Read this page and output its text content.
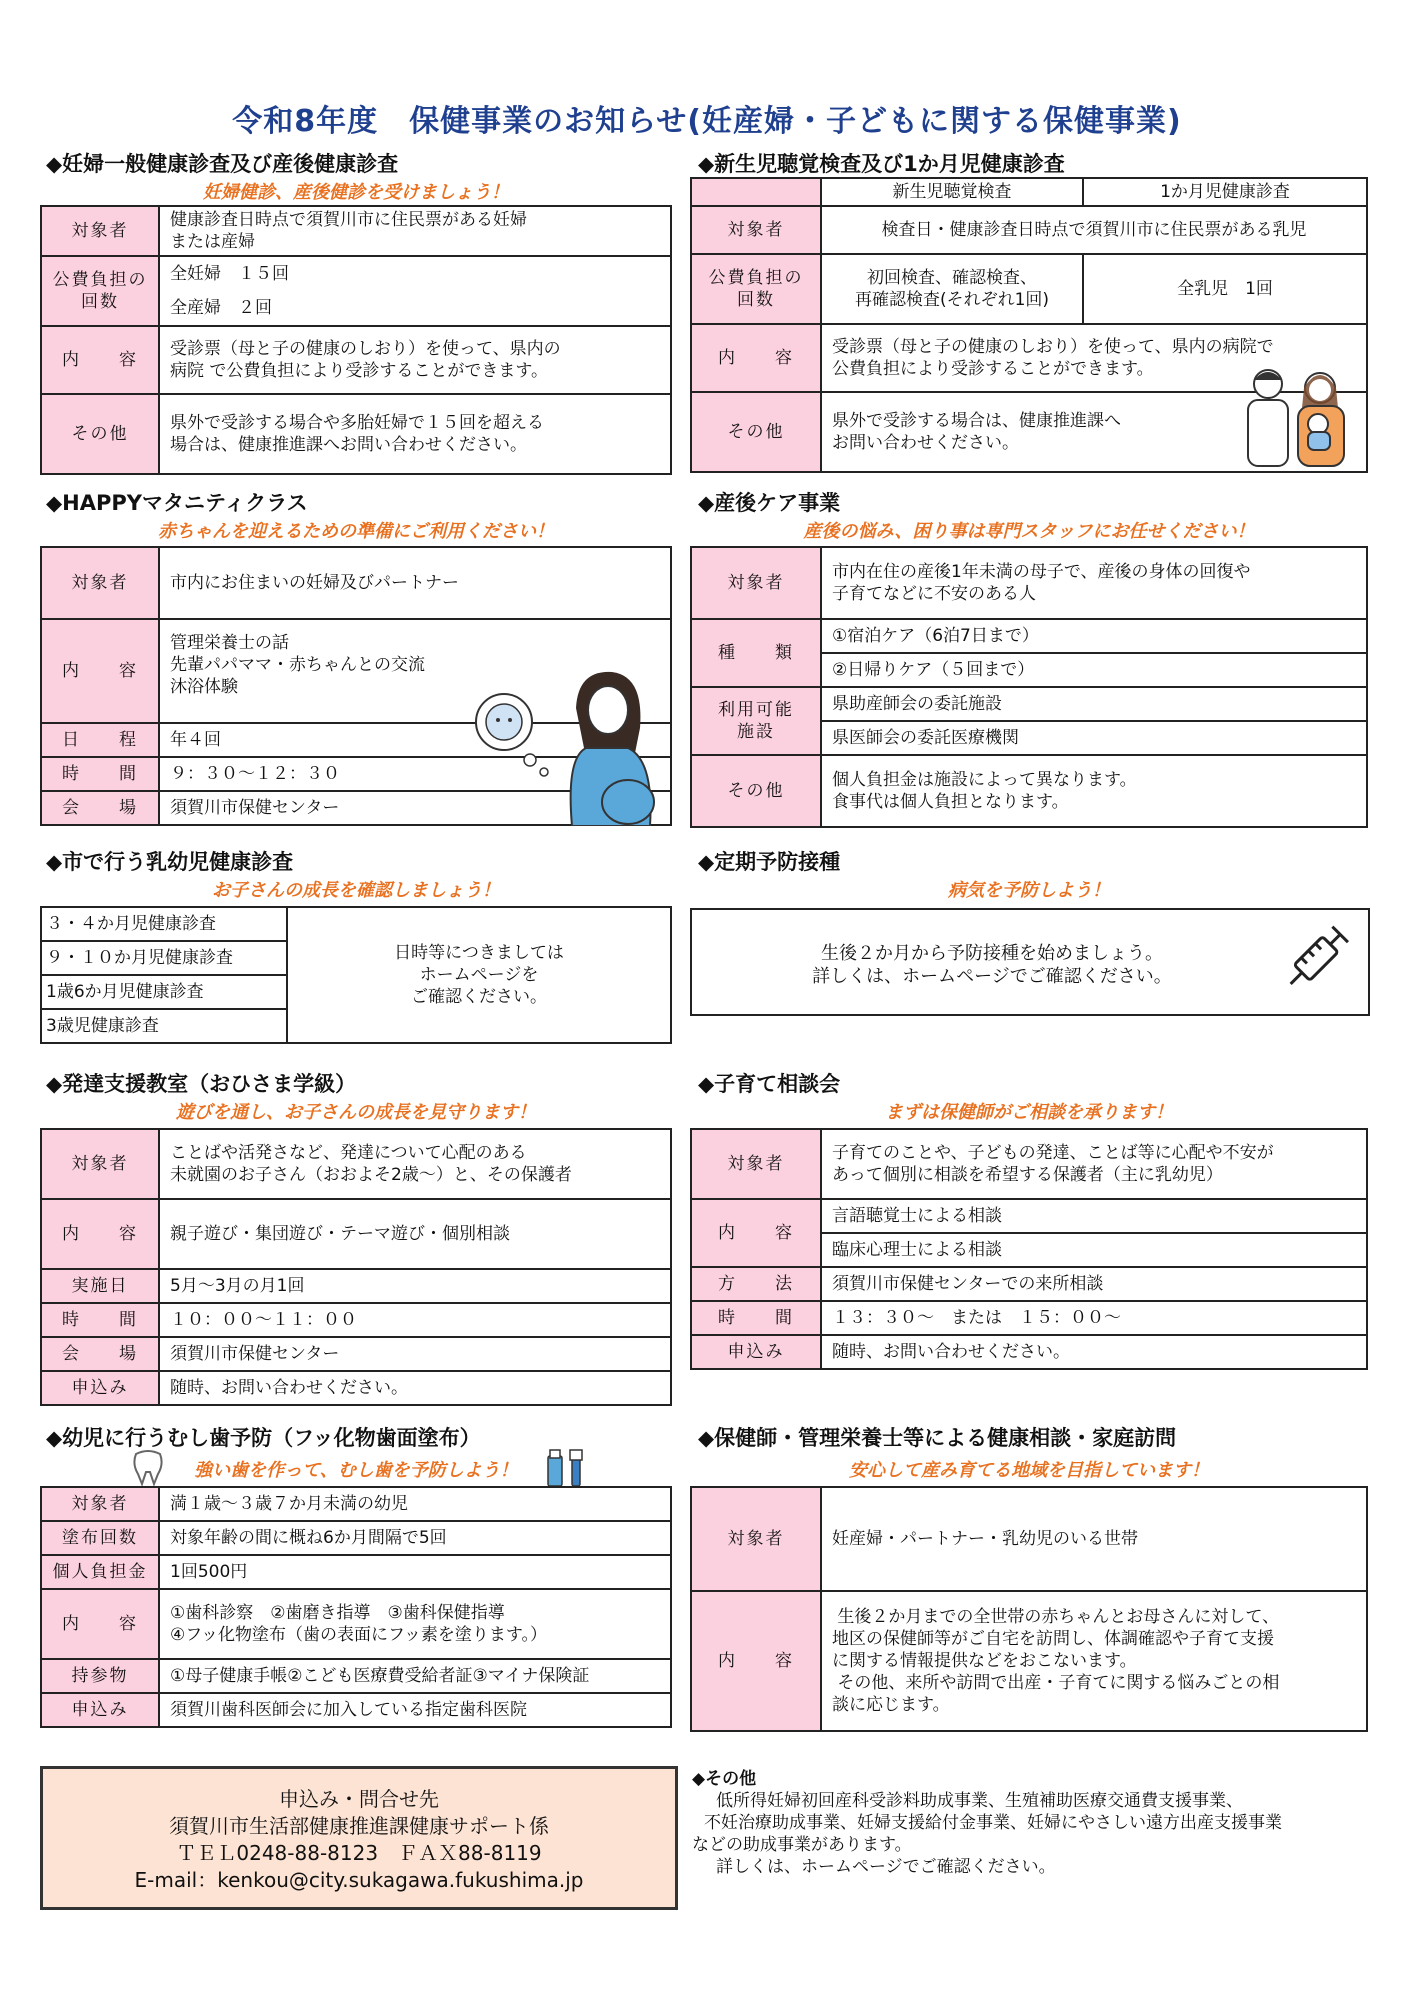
令和8年度　保健事業のお知らせ(妊産婦・子どもに関する保健事業)
◆妊婦一般健康診査及び産後健康診査
妊婦健診、産後健診を受けましょう！
対象者	健康診査日時点で須賀川市に住民票がある妊婦
または産婦
公費負担の
回数	全妊婦　１５回
全産婦　２回
内　　容	受診票（母と子の健康のしおり）を使って、県内の
病院 で公費負担により受診することができます。
その他	県外で受診する場合や多胎妊婦で１５回を超える
場合は、健康推進課へお問い合わせください。
◆新生児聴覚検査及び1か月児健康診査
	新生児聴覚検査	1か月児健康診査
対象者	検査日・健康診査日時点で須賀川市に住民票がある乳児	
公費負担の
回数	初回検査、確認検査、
再確認検査(それぞれ1回)	全乳児　1回
内　　容	受診票（母と子の健康のしおり）を使って、県内の病院で
公費負担により受診することができます。	
その他	県外で受診する場合は、健康推進課へ
お問い合わせください。	
◆HAPPYマタニティクラス
赤ちゃんを迎えるための準備にご利用ください！
対象者	市内にお住まいの妊婦及びパートナー
内　　容	管理栄養士の話
先輩パパママ・赤ちゃんとの交流
沐浴体験
日　　程	年４回
時　　間	９：３０～１２：３０
会　　場	須賀川市保健センター
◆産後ケア事業
産後の悩み、困り事は専門スタッフにお任せください！
対象者	市内在住の産後1年未満の母子で、産後の身体の回復や
子育てなどに不安のある人
種　　類	①宿泊ケア（6泊7日まで）
	②日帰りケア（５回まで）
利用可能
施設	県助産師会の委託施設
	県医師会の委託医療機関
その他	個人負担金は施設によって異なります。
食事代は個人負担となります。
◆市で行う乳幼児健康診査
お子さんの成長を確認しましょう！
３・４か月児健康診査	日時等につきましては
ホームページを
ご確認ください。
９・１０か月児健康診査
1歳6か月児健康診査
3歳児健康診査
◆定期予防接種
病気を予防しよう！
生後２か月から予防接種を始めましょう。
詳しくは、ホームページでご確認ください。
◆発達支援教室（おひさま学級）
遊びを通し、お子さんの成長を見守ります！
対象者	ことばや活発さなど、発達について心配のある
未就園のお子さん（おおよそ2歳～）と、その保護者
内　　容	親子遊び・集団遊び・テーマ遊び・個別相談
実施日	5月～3月の月1回
時　　間	１０：００～１１：００
会　　場	須賀川市保健センター
申込み	随時、お問い合わせください。
◆子育て相談会
まずは保健師がご相談を承ります！
対象者	子育てのことや、子どもの発達、ことば等に心配や不安が
あって個別に相談を希望する保護者（主に乳幼児）
内　　容	言語聴覚士による相談
	臨床心理士による相談
方　　法	須賀川市保健センターでの来所相談
時　　間	１３：３０～　または　１５：００～
申込み	随時、お問い合わせください。
◆幼児に行うむし歯予防（フッ化物歯面塗布）
強い歯を作って、むし歯を予防しよう！
対象者	満１歳～３歳７か月未満の幼児
塗布回数	対象年齢の間に概ね6か月間隔で5回
個人負担金	1回500円
内　　容	①歯科診察　②歯磨き指導　③歯科保健指導
④フッ化物塗布（歯の表面にフッ素を塗ります。）
持参物	①母子健康手帳②こども医療費受給者証③マイナ保険証
申込み	須賀川歯科医師会に加入している指定歯科医院
◆保健師・管理栄養士等による健康相談・家庭訪問
安心して産み育てる地域を目指しています！
対象者	妊産婦・パートナー・乳幼児のいる世帯
内　　容	生後２か月までの全世帯の赤ちゃんとお母さんに対して、
地区の保健師等がご自宅を訪問し、体調確認や子育て支援
に関する情報提供などをおこないます。
その他、来所や訪問で出産・子育てに関する悩みごとの相
談に応じます。
申込み・問合せ先
須賀川市生活部健康推進課健康サポート係
ＴＥＬ0248-88-8123　ＦＡＸ88-8119
E-mail：kenkou@city.sukagawa.fukushima.jp
◆その他
低所得妊婦初回産科受診料助成事業、生殖補助医療交通費支援事業、
不妊治療助成事業、妊婦支援給付金事業、妊婦にやさしい遠方出産支援事業
などの助成事業があります。
詳しくは、ホームページでご確認ください。
